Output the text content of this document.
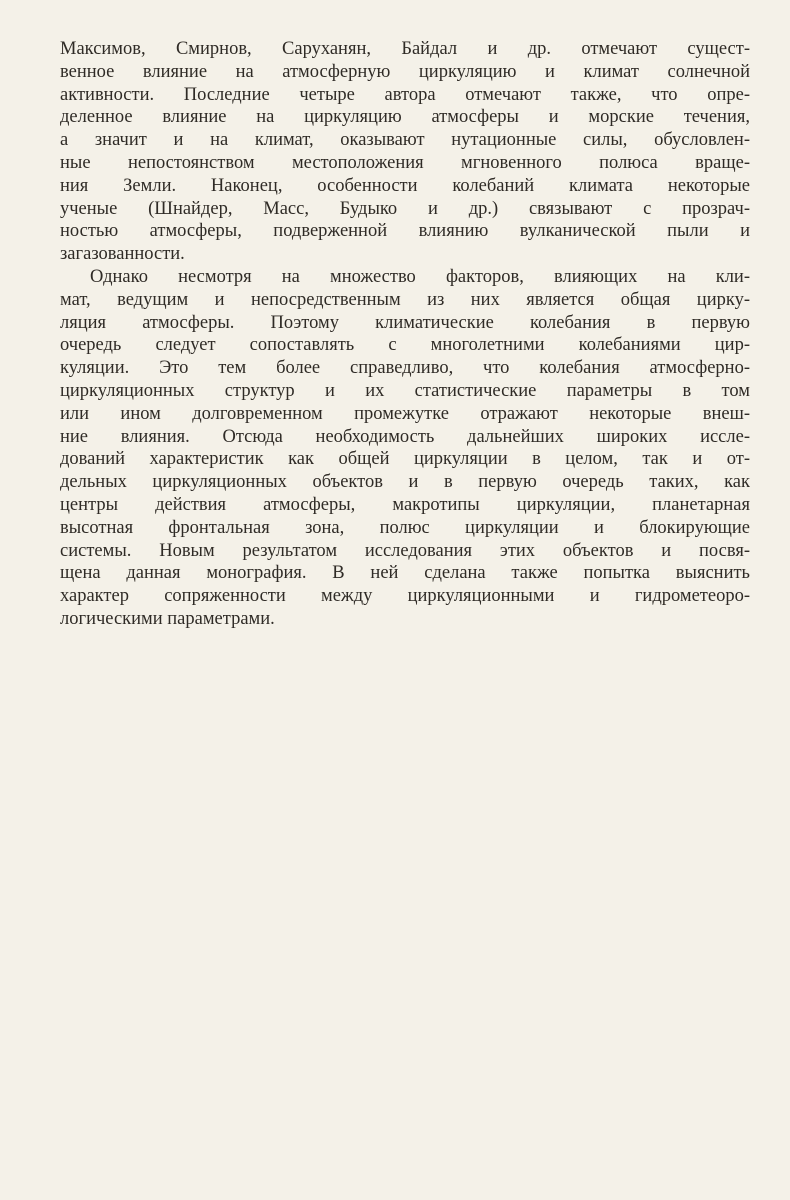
Максимов, Смирнов, Саруханян, Байдал и др. отмечают сущест-
венное влияние на атмосферную циркуляцию и климат солнечной
активности. Последние четыре автора отмечают также, что опре-
деленное влияние на циркуляцию атмосферы и морские течения,
а значит и на климат, оказывают нутационные силы, обусловлен-
ные непостоянством местоположения мгновенного полюса враще-
ния Земли. Наконец, особенности колебаний климата некоторые
ученые (Шнайдер, Масс, Будыко и др.) связывают с прозрач-
ностью атмосферы, подверженной влиянию вулканической пыли и
загазованности.
Однако несмотря на множество факторов, влияющих на кли-
мат, ведущим и непосредственным из них является общая цирку-
ляция атмосферы. Поэтому климатические колебания в первую
очередь следует сопоставлять с многолетними колебаниями цир-
куляции. Это тем более справедливо, что колебания атмосферно-
циркуляционных структур и их статистические параметры в том
или ином долговременном промежутке отражают некоторые внеш-
ние влияния. Отсюда необходимость дальнейших широких иссле-
дований характеристик как общей циркуляции в целом, так и от-
дельных циркуляционных объектов и в первую очередь таких, как
центры действия атмосферы, макротипы циркуляции, планетарная
высотная фронтальная зона, полюс циркуляции и блокирующие
системы. Новым результатом исследования этих объектов и посвя-
щена данная монография. В ней сделана также попытка выяснить
характер сопряженности между циркуляционными и гидрометеоро-
логическими параметрами.
